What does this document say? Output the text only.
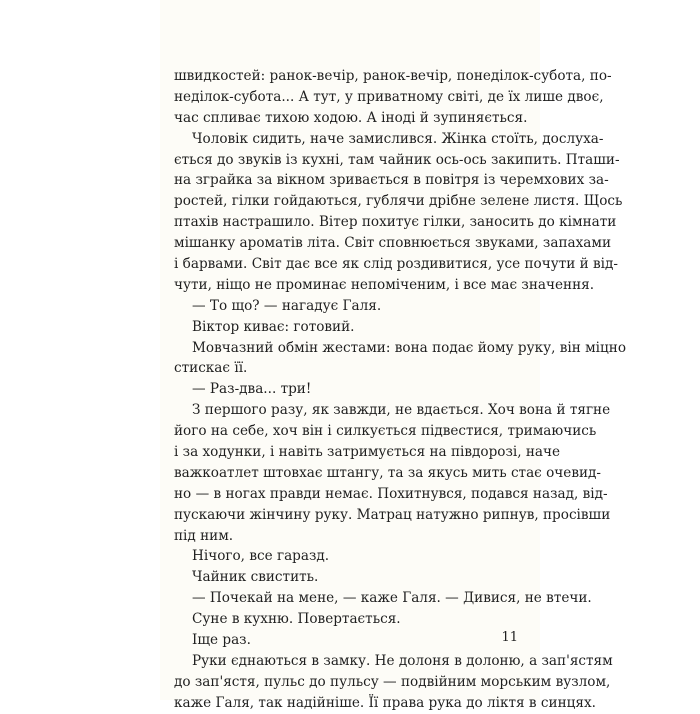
швидкостей: ранок-вечір, ранок-вечір, понеділок-субота, по-
неділок-субота... А тут, у приватному світі, де їх лише двоє,
час спливає тихою ходою. А іноді й зупиняється.
Чоловік сидить, наче замислився. Жінка стоїть, дослуха-
ється до звуків із кухні, там чайник ось-ось закипить. Пташи-
на зграйка за вікном зривається в повітря із черемхових за-
ростей, гілки гойдаються, гублячи дрібне зелене листя. Щось
птахів настрашило. Вітер похитує гілки, заносить до кімнати
мішанку ароматів літа. Світ сповнюється звуками, запахами
і барвами. Світ дає все як слід роздивитися, усе почути й від-
чути, ніщо не проминає непоміченим, і все має значення.
— То що? — нагадує Галя.
Віктор киває: готовий.
Мовчазний обмін жестами: вона подає йому руку, він міцно
стискає її.
— Раз-два... три!
З першого разу, як завжди, не вдається. Хоч вона й тягне
його на себе, хоч він і силкується підвестися, тримаючись
і за ходунки, і навіть затримується на півдорозі, наче
важкоатлет штовхає штангу, та за якусь мить стає очевид-
но — в ногах правди немає. Похитнувся, подався назад, від-
пускаючи жінчину руку. Матрац натужно рипнув, просівши
під ним.
Нічого, все гаразд.
Чайник свистить.
— Почекай на мене, — каже Галя. — Дивися, не втечи.
Суне в кухню. Повертається.
Іще раз.
Руки єднаються в замку. Не долоня в долоню, а зап'ястям
до зап'ястя, пульс до пульсу — подвійним морським вузлом,
каже Галя, так надійніше. Її права рука до ліктя в синцях.
11
